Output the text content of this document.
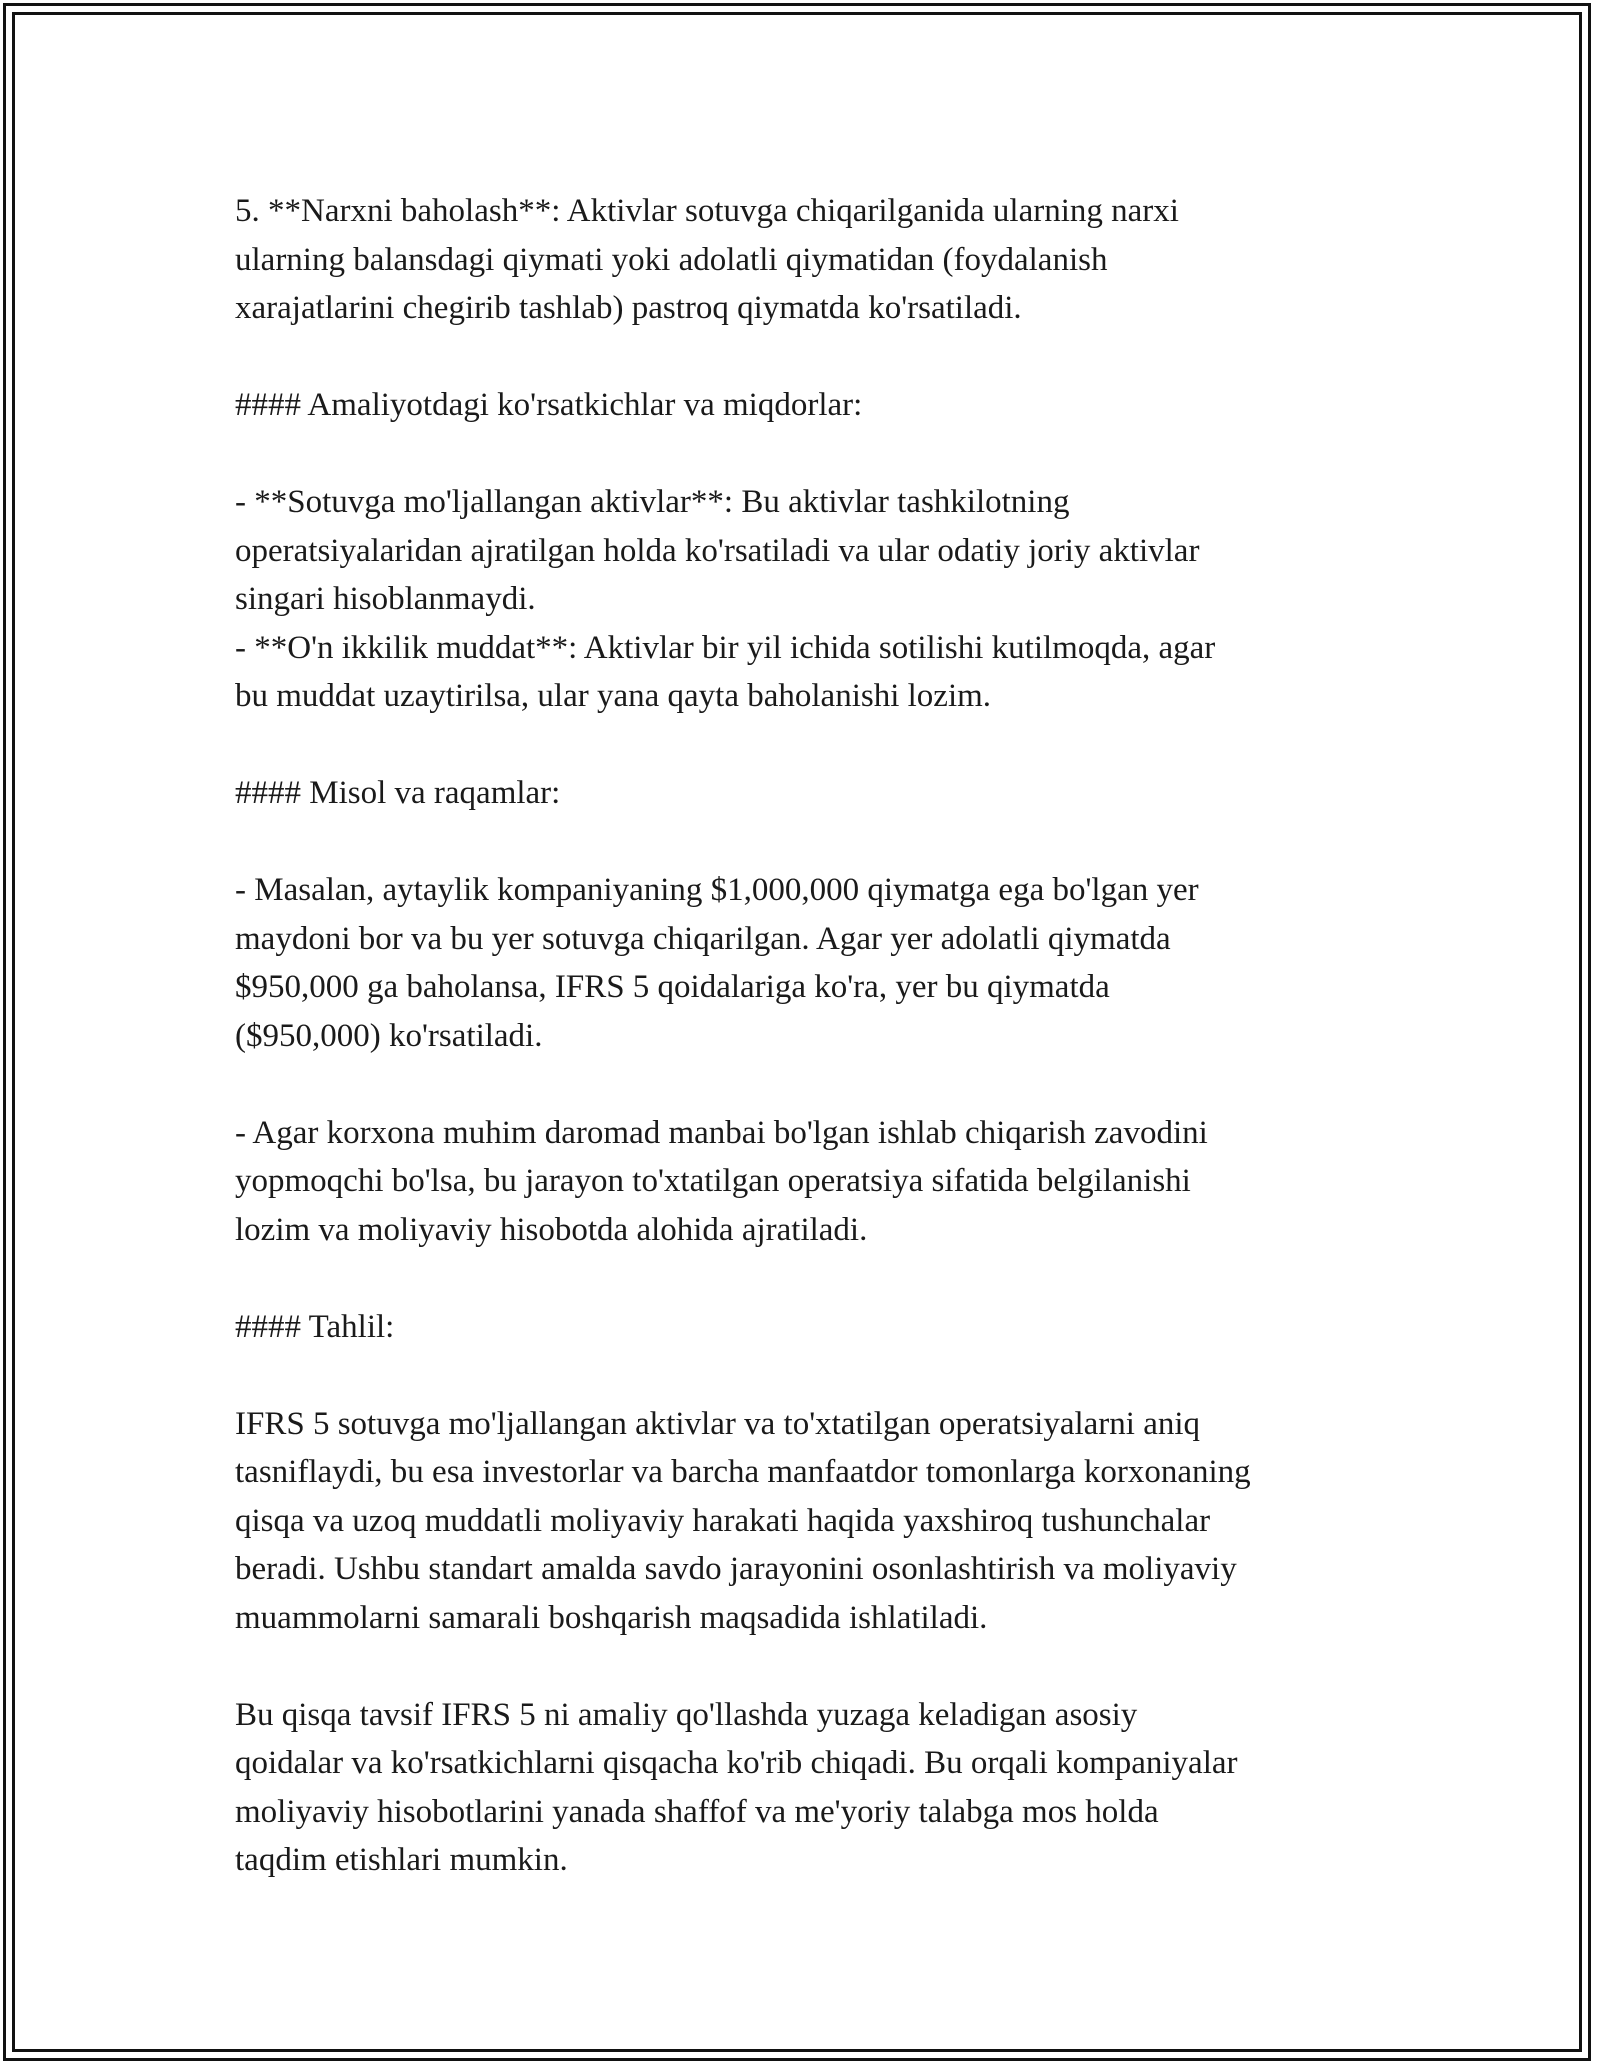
5. **Narxni baholash**: Aktivlar sotuvga chiqarilganida ularning narxi
ularning balansdagi qiymati yoki adolatli qiymatidan (foydalanish
xarajatlarini chegirib tashlab) pastroq qiymatda ko'rsatiladi.

#### Amaliyotdagi ko'rsatkichlar va miqdorlar:

- **Sotuvga mo'ljallangan aktivlar**: Bu aktivlar tashkilotning
operatsiyalaridan ajratilgan holda ko'rsatiladi va ular odatiy joriy aktivlar
singari hisoblanmaydi.
- **O'n ikkilik muddat**: Aktivlar bir yil ichida sotilishi kutilmoqda, agar
bu muddat uzaytirilsa, ular yana qayta baholanishi lozim.

#### Misol va raqamlar:

- Masalan, aytaylik kompaniyaning $1,000,000 qiymatga ega bo'lgan yer
maydoni bor va bu yer sotuvga chiqarilgan. Agar yer adolatli qiymatda
$950,000 ga baholansa, IFRS 5 qoidalariga ko'ra, yer bu qiymatda
($950,000) ko'rsatiladi.

- Agar korxona muhim daromad manbai bo'lgan ishlab chiqarish zavodini
yopmoqchi bo'lsa, bu jarayon to'xtatilgan operatsiya sifatida belgilanishi
lozim va moliyaviy hisobotda alohida ajratiladi.

#### Tahlil:

IFRS 5 sotuvga mo'ljallangan aktivlar va to'xtatilgan operatsiyalarni aniq
tasniflaydi, bu esa investorlar va barcha manfaatdor tomonlarga korxonaning
qisqa va uzoq muddatli moliyaviy harakati haqida yaxshiroq tushunchalar
beradi. Ushbu standart amalda savdo jarayonini osonlashtirish va moliyaviy
muammolarni samarali boshqarish maqsadida ishlatiladi.

Bu qisqa tavsif IFRS 5 ni amaliy qo'llashda yuzaga keladigan asosiy
qoidalar va ko'rsatkichlarni qisqacha ko'rib chiqadi. Bu orqali kompaniyalar
moliyaviy hisobotlarini yanada shaffof va me'yoriy talabga mos holda
taqdim etishlari mumkin.
